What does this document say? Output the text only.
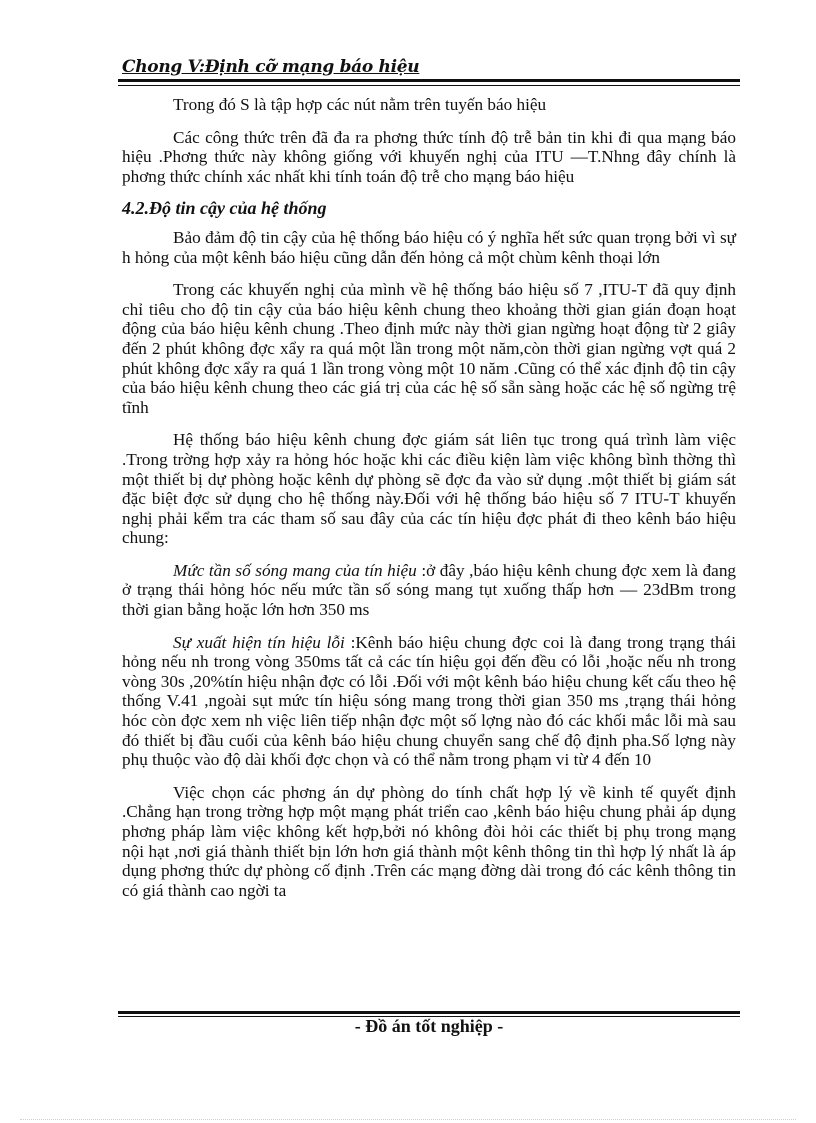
Chong V:Định cỡ mạng báo hiệu

Trong đó S là tập hợp các nút nằm trên tuyến báo hiệu

Các công thức trên đã đa ra phơng thức tính độ trễ bản tin khi đi qua mạng báo hiệu .Phơng thức này không giống với khuyến nghị của ITU —T.Nhng đây chính là phơng thức chính xác nhất khi tính toán độ trễ cho mạng báo hiệu

4.2.Độ tin cậy của hệ thống

Bảo đảm độ tin cậy của hệ thống báo hiệu có ý nghĩa hết sức quan trọng bởi vì sự h hỏng của một kênh báo hiệu cũng dẫn đến hỏng cả một chùm kênh thoại lớn

Trong các khuyến nghị của mình về hệ thống báo hiệu số 7 ,ITU-T đã quy định chỉ tiêu cho độ tin cậy của báo hiệu kênh chung theo khoảng thời gian gián đoạn hoạt động của báo hiệu kênh chung .Theo định mức này thời gian ngừng hoạt động từ 2 giây đến 2 phút không đợc xẩy ra quá một lần trong một năm,còn thời gian ngừng vợt quá 2 phút không đợc xẩy ra quá 1 lần trong vòng một 10 năm .Cũng có thể xác định độ tin cậy của báo hiệu kênh chung theo các giá trị của các hệ số sẵn sàng hoặc các hệ số ngừng trệ tĩnh

Hệ thống báo hiệu kênh chung đợc giám sát liên tục trong quá trình làm việc .Trong trờng hợp xảy ra hỏng hóc hoặc khi các điều kiện làm việc không bình thờng thì một thiết bị dự phòng hoặc kênh dự phòng sẽ đợc đa vào sử dụng .một thiết bị giám sát đặc biệt đợc sử dụng cho hệ thống này.Đối với hệ thống báo hiệu số 7 ITU-T khuyến nghị phải kểm tra các tham số sau đây của các tín hiệu đợc phát đi theo kênh báo hiệu chung:

Mức tần số sóng mang của tín hiệu :ở đây ,báo hiệu kênh chung đợc xem là đang ở trạng thái hỏng hóc nếu mức tần số sóng mang tụt xuống thấp hơn — 23dBm trong thời gian bằng hoặc lớn hơn 350 ms

Sự xuất hiện tín hiệu lỗi :Kênh báo hiệu chung đợc coi là đang trong trạng thái hỏng nếu nh trong vòng 350ms tất cả các tín hiệu gọi đến đều có lỗi ,hoặc nếu nh trong vòng 30s ,20%tín hiệu nhận đợc có lỗi .Đối với một kênh báo hiệu chung kết cấu theo hệ thống V.41 ,ngoài sụt mức tín hiệu sóng mang trong thời gian 350 ms ,trạng thái hỏng hóc còn đợc xem nh việc liên tiếp nhận đợc một số lợng nào đó các khối mắc lỗi mà sau đó thiết bị đầu cuối của kênh báo hiệu chung chuyển sang chế độ định pha.Số lợng này phụ thuộc vào độ dài khối đợc chọn và có thể nằm trong phạm vi từ 4 đến 10

Việc chọn các phơng án dự phòng do tính chất hợp lý về kinh tế quyết định .Chẳng hạn trong trờng hợp một mạng phát triển cao ,kênh báo hiệu chung phải áp dụng phơng pháp làm việc không kết hợp,bởi nó không đòi hỏi các thiết bị phụ trong mạng nội hạt ,nơi giá thành thiết bịn lớn hơn giá thành một kênh thông tin thì hợp lý nhất là áp dụng phơng thức dự phòng cố định .Trên các mạng đờng dài trong đó các kênh thông tin có giá thành cao ngời ta

- Đồ án tốt nghiệp -
